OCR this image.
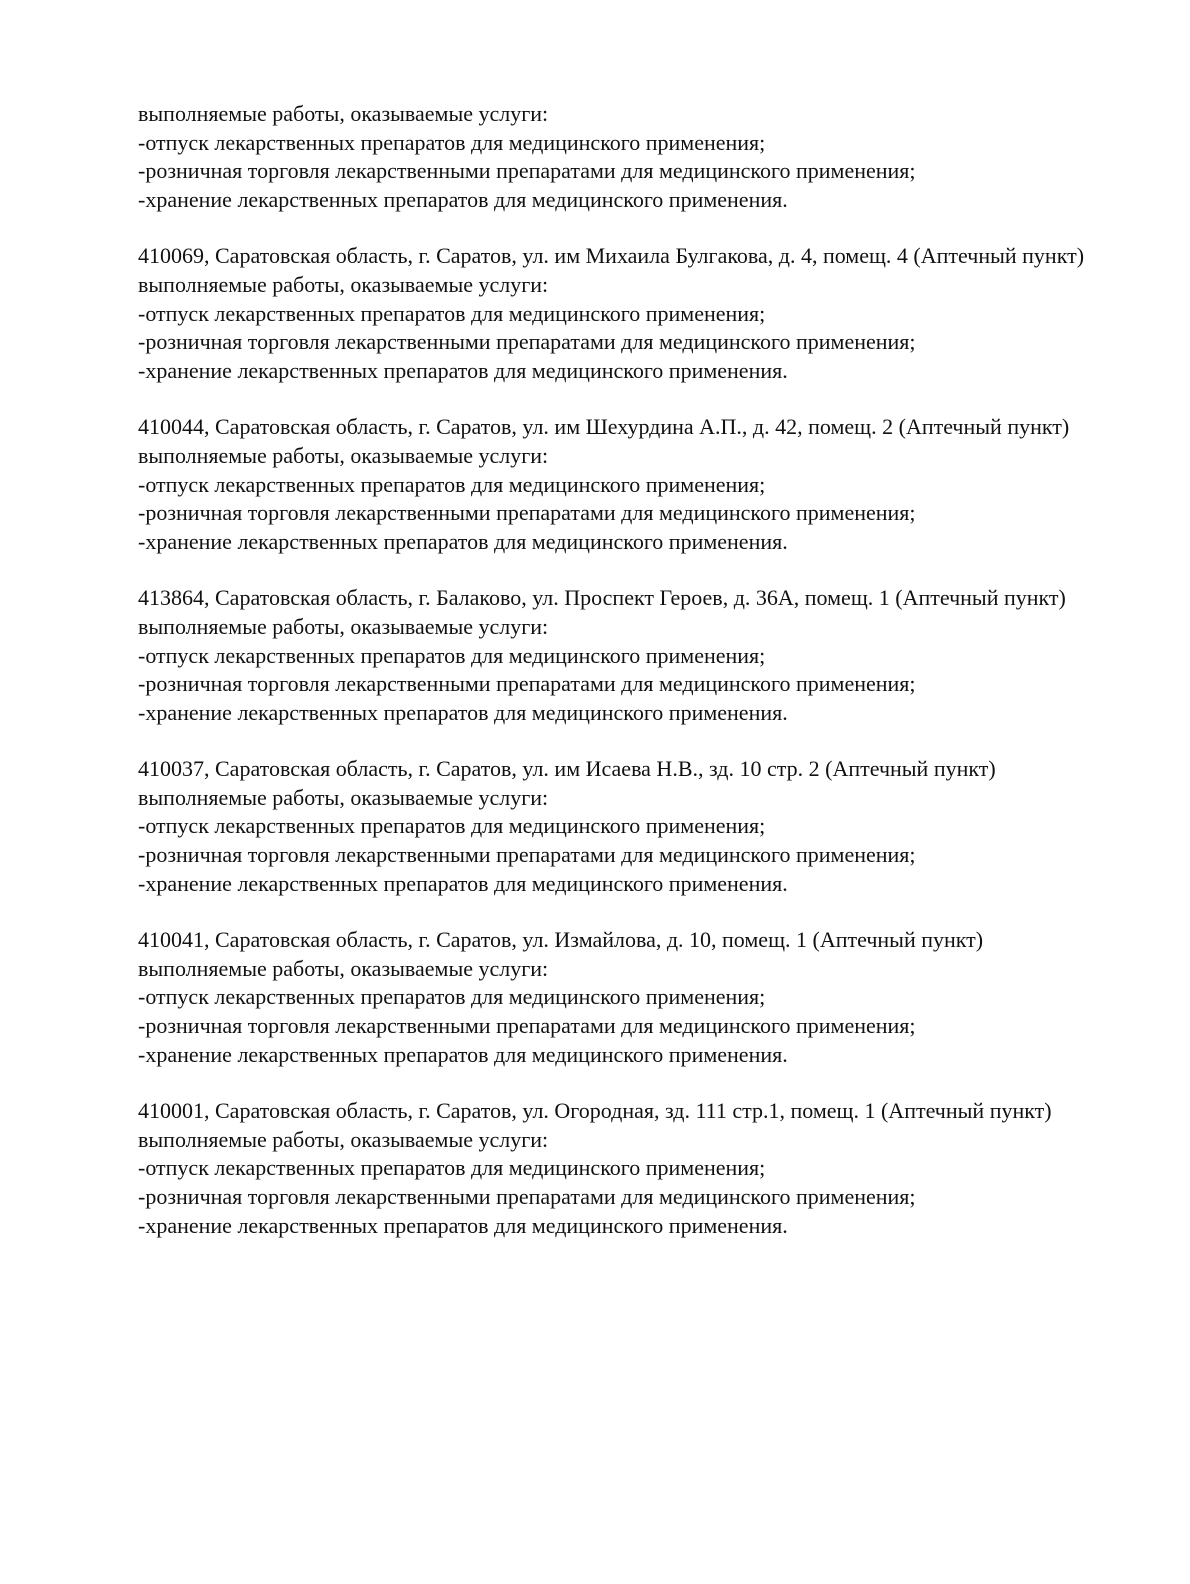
выполняемые работы, оказываемые услуги:
-отпуск лекарственных препаратов для медицинского применения;
-розничная торговля лекарственными препаратами для медицинского применения;
-хранение лекарственных препаратов для медицинского применения.
410069, Саратовская область, г. Саратов, ул. им Михаила Булгакова, д. 4, помещ. 4 (Аптечный пункт)
выполняемые работы, оказываемые услуги:
-отпуск лекарственных препаратов для медицинского применения;
-розничная торговля лекарственными препаратами для медицинского применения;
-хранение лекарственных препаратов для медицинского применения.
410044, Саратовская область, г. Саратов, ул. им Шехурдина А.П., д. 42, помещ. 2 (Аптечный пункт)
выполняемые работы, оказываемые услуги:
-отпуск лекарственных препаратов для медицинского применения;
-розничная торговля лекарственными препаратами для медицинского применения;
-хранение лекарственных препаратов для медицинского применения.
413864, Саратовская область, г. Балаково, ул. Проспект Героев, д. 36А, помещ. 1 (Аптечный пункт)
выполняемые работы, оказываемые услуги:
-отпуск лекарственных препаратов для медицинского применения;
-розничная торговля лекарственными препаратами для медицинского применения;
-хранение лекарственных препаратов для медицинского применения.
410037, Саратовская область, г. Саратов, ул. им Исаева Н.В., зд. 10 стр. 2 (Аптечный пункт)
выполняемые работы, оказываемые услуги:
-отпуск лекарственных препаратов для медицинского применения;
-розничная торговля лекарственными препаратами для медицинского применения;
-хранение лекарственных препаратов для медицинского применения.
410041, Саратовская область, г. Саратов, ул. Измайлова, д. 10, помещ. 1 (Аптечный пункт)
выполняемые работы, оказываемые услуги:
-отпуск лекарственных препаратов для медицинского применения;
-розничная торговля лекарственными препаратами для медицинского применения;
-хранение лекарственных препаратов для медицинского применения.
410001, Саратовская область, г. Саратов, ул. Огородная, зд. 111 стр.1, помещ. 1 (Аптечный пункт)
выполняемые работы, оказываемые услуги:
-отпуск лекарственных препаратов для медицинского применения;
-розничная торговля лекарственными препаратами для медицинского применения;
-хранение лекарственных препаратов для медицинского применения.
